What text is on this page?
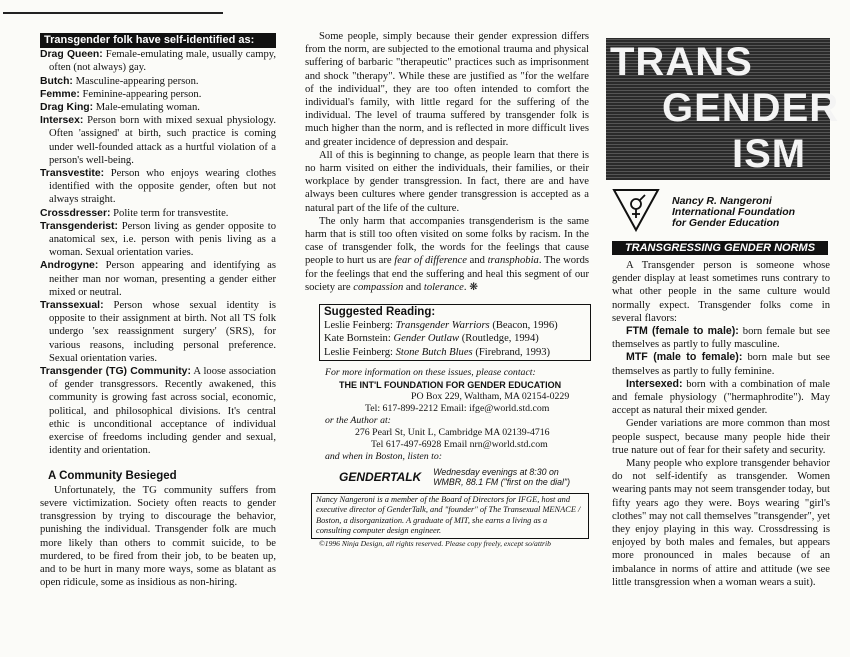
Transgender folk have self-identified as:

Drag Queen: Female-emulating male, usually campy, often (not always) gay.

Butch: Masculine-appearing person.

Femme: Feminine-appearing person.

Drag King: Male-emulating woman.

Intersex: Person born with mixed sexual physiology. Often 'assigned' at birth, such practice is coming under well-founded attack as a hurtful violation of a person's well-being.

Transvestite: Person who enjoys wearing clothes identified with the opposite gender, often but not always straight.

Crossdresser: Polite term for transvestite.

Transgenderist: Person living as gender opposite to anatomical sex, i.e. person with penis living as a woman. Sexual orientation varies.

Androgyne: Person appearing and identifying as neither man nor woman, presenting a gender either mixed or neutral.

Transsexual: Person whose sexual identity is opposite to their assignment at birth. Not all TS folk undergo 'sex reassignment surgery' (SRS), for various reasons, including personal preference. Sexual orientation varies.

Transgender (TG) Community: A loose association of gender transgressors. Recently awakened, this community is growing fast across social, economic, political, and philosophical divisions. It's central ethic is unconditional acceptance of individual exercise of freedoms including gender and sexual, identity and orientation.

A Community Besieged

Unfortunately, the TG community suffers from severe victimization. Society often reacts to gender transgression by trying to discourage the behavior, punishing the individual. Transgender folk are much more likely than others to commit suicide, to be murdered, to be fired from their job, to be beaten up, and to be hurt in many more ways, some as blatant as open ridicule, some as insidious as non-hiring.

Some people, simply because their gender expression differs from the norm, are subjected to the emotional trauma and physical suffering of barbaric "therapeutic" practices such as imprisonment and shock "therapy". While these are justified as "for the welfare of the individual", they are too often intended to comfort the individual's family, with little regard for the suffering of the individual. The level of trauma suffered by transgender folk is much higher than the norm, and is reflected in more difficult lives and greater incidence of depression and despair.

All of this is beginning to change, as people learn that there is no harm visited on either the individuals, their families, or their workplace by gender transgression. In fact, there are and have always been cultures where gender transgression is accepted as a natural part of the life of the culture.

The only harm that accompanies transgenderism is the same harm that is still too often visited on some folks by racism. In the case of transgender folk, the words for the feelings that cause people to hurt us are fear of difference and transphobia. The words for the feelings that end the suffering and heal this segment of our society are compassion and tolerance. ❋

Suggested Reading:
Leslie Feinberg: Transgender Warriors (Beacon, 1996)
Kate Bornstein: Gender Outlaw (Routledge, 1994)
Leslie Feinberg: Stone Butch Blues (Firebrand, 1993)
For more information on these issues, please contact:
THE INT'L FOUNDATION FOR GENDER EDUCATION
PO Box 229, Waltham, MA 02154-0229
Tel: 617-899-2212 Email: ifge@world.std.com
or the Author at:
276 Pearl St, Unit L, Cambridge MA 02139-4716
Tel 617-497-6928 Email nrn@world.std.com
and when in Boston, listen to:
GENDERTALK Wednesday evenings at 8:30 on
WMBR, 88.1 FM ("first on the dial")
Nancy Nangeroni is a member of the Board of Directors for IFGE, host and executive director of GenderTalk, and "founder" of The Transexual MENACE / Boston, a disorganization. A graduate of MIT, she earns a living as a consulting computer design engineer.
©1996 Ninja Design, all rights reserved. Please copy freely, except so/attrib
TRANS
GENDER
ISM
Nancy R. Nangeroni
International Foundation
for Gender Education
TRANSGRESSING GENDER NORMS

A Transgender person is someone whose gender display at least sometimes runs contrary to what other people in the same culture would normally expect. Transgender folks come in several flavors:

FTM (female to male): born female but see themselves as partly to fully masculine.

MTF (male to female): born male but see themselves as partly to fully feminine.

Intersexed: born with a combination of male and female physiology ("hermaphrodite"). May accept as natural their mixed gender.

Gender variations are more common than most people suspect, because many people hide their true nature out of fear for their safety and security.

Many people who explore transgender behavior do not self-identify as transgender. Women wearing pants may not seem transgender today, but fifty years ago they were. Boys wearing "girl's clothes" may not call themselves "transgender", yet they enjoy playing in this way. Crossdressing is enjoyed by both males and females, but appears more pronounced in males because of an imbalance in norms of attire and attitude (we see little transgression when a woman wears a suit).
